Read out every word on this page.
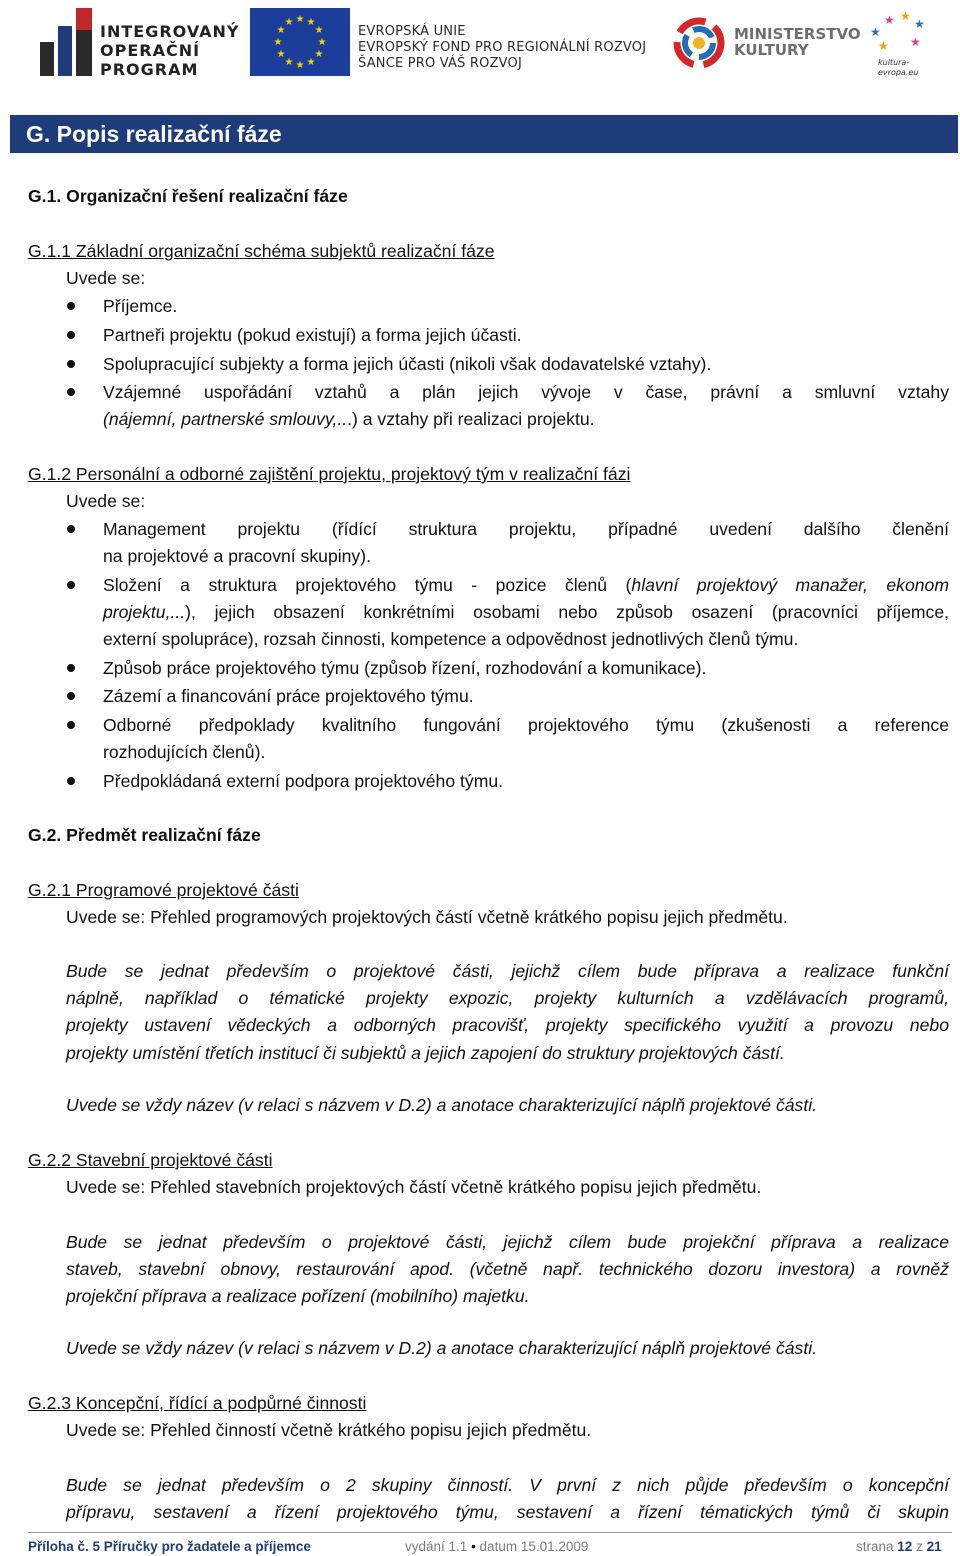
INTEGROVANÝ
OPERAČNÍ
PROGRAM
★ ★
★
★
★
★
★
★
★
★
★
★
EVROPSKÁ UNIE
EVROPSKÝ FOND PRO REGIONÁLNÍ ROZVOJ
ŠANCE PRO VÁŠ ROZVOJ
MINISTERSTVO
KULTURY
★
★ ★
★
★ ★
kultura-evropa.eu
G. Popis realizační fáze
G.1. Organizační řešení realizační fáze
G.1.1 Základní organizační schéma subjektů realizační fáze
Uvede se:
Příjemce.
Partneři projektu (pokud existují) a forma jejich účasti.
Spolupracující subjekty a forma jejich účasti (nikoli však dodavatelské vztahy).
Vzájemné uspořádání vztahů a plán jejich vývoje v čase, právní a smluvní vztahy
(nájemní, partnerské smlouvy,...) a vztahy při realizaci projektu.
G.1.2 Personální a odborné zajištění projektu, projektový tým v realizační fázi
Uvede se:
Management projektu (řídící struktura projektu, případné uvedení dalšího členění
na projektové a pracovní skupiny).
Složení a struktura projektového týmu - pozice členů (hlavní projektový manažer, ekonom
projektu,...), jejich obsazení konkrétními osobami nebo způsob osazení (pracovníci příjemce,
externí spolupráce), rozsah činnosti, kompetence a odpovědnost jednotlivých členů týmu.
Způsob práce projektového týmu (způsob řízení, rozhodování a komunikace).
Zázemí a financování práce projektového týmu.
Odborné předpoklady kvalitního fungování projektového týmu (zkušenosti a reference
rozhodujících členů).
Předpokládaná externí podpora projektového týmu.
G.2. Předmět realizační fáze
G.2.1 Programové projektové části
Uvede se: Přehled programových projektových částí včetně krátkého popisu jejich předmětu.
Bude se jednat především o projektové části, jejichž cílem bude příprava a realizace funkční
náplně, například o tématické projekty expozic, projekty kulturních a vzdělávacích programů,
projekty ustavení vědeckých a odborných pracovišť, projekty specifického využití a provozu nebo
projekty umístění třetích institucí či subjektů a jejich zapojení do struktury projektových částí.
Uvede se vždy název (v relaci s názvem v D.2) a anotace charakterizující náplň projektové části.
G.2.2 Stavební projektové části
Uvede se: Přehled stavebních projektových částí včetně krátkého popisu jejich předmětu.
Bude se jednat především o projektové části, jejichž cílem bude projekční příprava a realizace
staveb, stavební obnovy, restaurování apod. (včetně např. technického dozoru investora) a rovněž
projekční příprava a realizace pořízení (mobilního) majetku.
Uvede se vždy název (v relaci s názvem v D.2) a anotace charakterizující náplň projektové části.
G.2.3 Koncepční, řídící a podpůrné činnosti
Uvede se: Přehled činností včetně krátkého popisu jejich předmětu.
Bude se jednat především o 2 skupiny činností. V první z nich půjde především o koncepční
přípravu, sestavení a řízení projektového týmu, sestavení a řízení tématických týmů či skupin
Příloha č. 5 Příručky pro žadatele a příjemce	vydání 1.1 • datum 15.01.2009	strana 12 z 21
